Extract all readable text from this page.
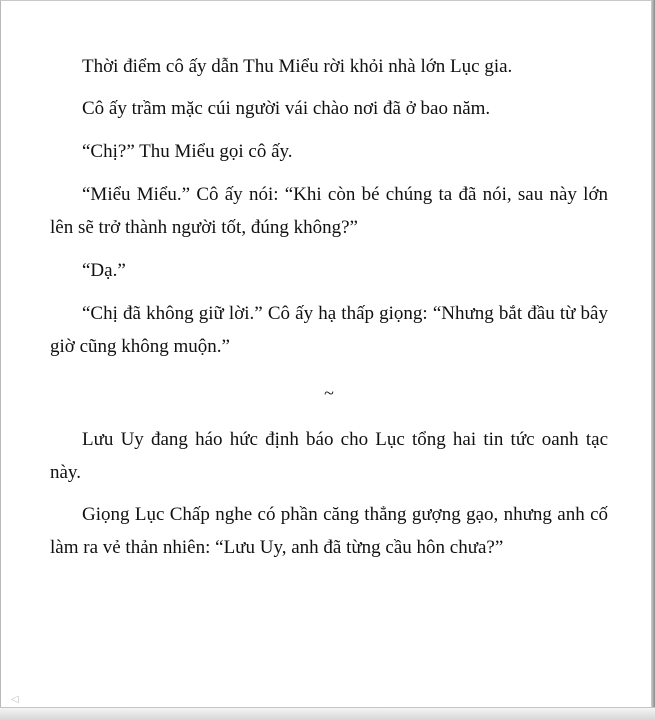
Thời điểm cô ấy dẫn Thu Miểu rời khỏi nhà lớn Lục gia.

Cô ấy trầm mặc cúi người vái chào nơi đã ở bao năm.

“Chị?” Thu Miểu gọi cô ấy.

“Miểu Miểu.” Cô ấy nói: “Khi còn bé chúng ta đã nói, sau này lớn lên sẽ trở thành người tốt, đúng không?”

“Dạ.”

“Chị đã không giữ lời.” Cô ấy hạ thấp giọng: “Nhưng bắt đầu từ bây giờ cũng không muộn.”

~

Lưu Uy đang háo hức định báo cho Lục tổng hai tin tức oanh tạc này.

Giọng Lục Chấp nghe có phần căng thẳng gượng gạo, nhưng anh cố làm ra vẻ thản nhiên: “Lưu Uy, anh đã từng cầu hôn chưa?”

◁
